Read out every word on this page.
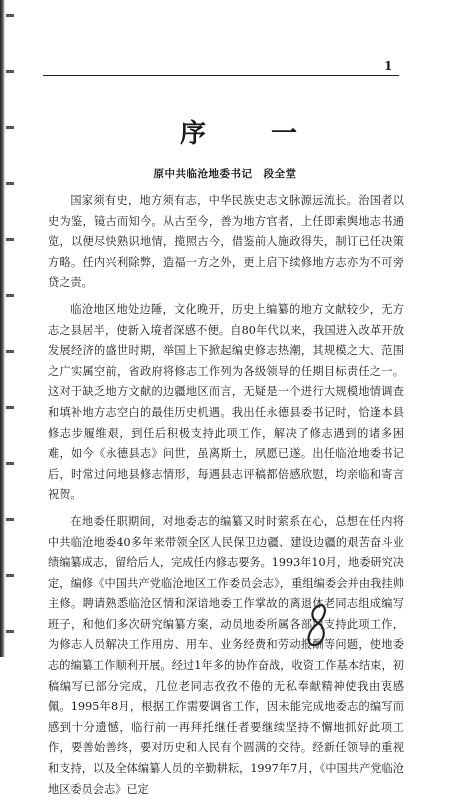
1
序 一
原中共临沧地委书记　段全堂

国家须有史，地方须有志，中华民族史志文脉源远流长。治国者以史为鉴，镜古而知今。从古至今，善为地方官者，上任即索舆地志书通览，以便尽快熟识地情，揽照古今，借鉴前人施政得失，制订已任决策方略。任内兴利除弊，造福一方之外，更上启下续修地方志亦为不可旁贷之责。

临沧地区地处边陲，文化晚开，历史上编纂的地方文献较少，无方志之县居半，使新入境者深感不便。自80年代以来，我国进入改革开放发展经济的盛世时期，举国上下掀起编史修志热潮，其规模之大、范围之广实属空前，省政府将修志工作列为各级领导的任期目标责任之一。这对于缺乏地方文献的边疆地区而言，无疑是一个进行大规模地情调查和填补地方志空白的最佳历史机遇。我出任永德县委书记时，恰逢本县修志步履维艰，到任后积极支持此项工作，解决了修志遇到的诸多困难，如今《永德县志》问世，虽离斯土，夙愿已遂。出任临沧地委书记后，时常过问地县修志情形，每遇县志评稿都倍感欣慰，均亲临和寄言祝贺。

在地委任职期间，对地委志的编纂又时时萦系在心，总想在任内将中共临沧地委40多年来带领全区人民保卫边疆、建设边疆的艰苦奋斗业绩编纂成志，留给后人，完成任内修志要务。1993年10月，地委研究决定，编修《中国共产党临沧地区工作委员会志》，重组编委会并由我挂帅主修。聘请熟悉临沧区情和深谙地委工作掌故的离退休老同志组成编写班子，和他们多次研究编纂方案，动员地委所属各部门支持此项工作，为修志人员解决工作用房、用车、业务经费和劳动报酬等问题，使地委志的编纂工作顺利开展。经过1年多的协作奋战，收资工作基本结束，初稿编写已部分完成，几位老同志孜孜不倦的无私奉献精神使我由衷感佩。1995年8月，根据工作需要调省工作，因未能完成地委志的编写而感到十分遗憾，临行前一再拜托继任者要继续坚持不懈地抓好此项工作，要善始善终，要对历史和人民有个圆满的交待。经新任领导的重视和支持，以及全体编纂人员的辛勤耕耘，1997年7月，《中国共产党临沧地区委员会志》已定
